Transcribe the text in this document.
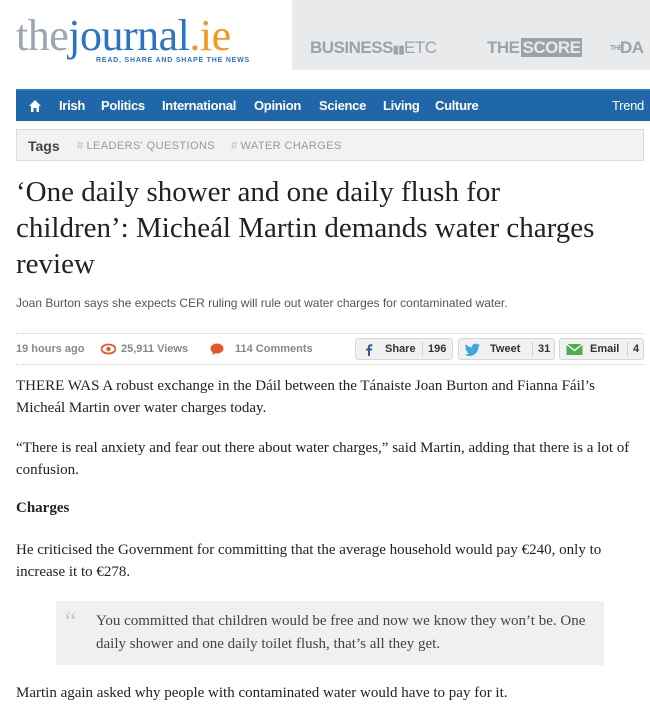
thejournal.ie
READ, SHARE AND SHAPE THE NEWS
BUSINESS▮▮ETC	THE SCORE	THEDA
Irish Politics International Opinion Science Living Culture	Trend
Tags # LEADERS' QUESTIONS # WATER CHARGES
‘One daily shower and one daily flush for children’: Micheál Martin demands water charges review

Joan Burton says she expects CER ruling will rule out water charges for contaminated water.

19 hours ago	25,911 Views	114 Comments	Share 196	Tweet 31	Email 4

THERE WAS A robust exchange in the Dáil between the Tánaiste Joan Burton and Fianna Fáil’s Micheál Martin over water charges today.

“There is real anxiety and fear out there about water charges,” said Martin, adding that there is a lot of confusion.

Charges

He criticised the Government for committing that the average household would pay €240, only to increase it to €278.

“ You committed that children would be free and now we know they won’t be. One daily shower and one daily toilet flush, that’s all they get.

Martin again asked why people with contaminated water would have to pay for it.
